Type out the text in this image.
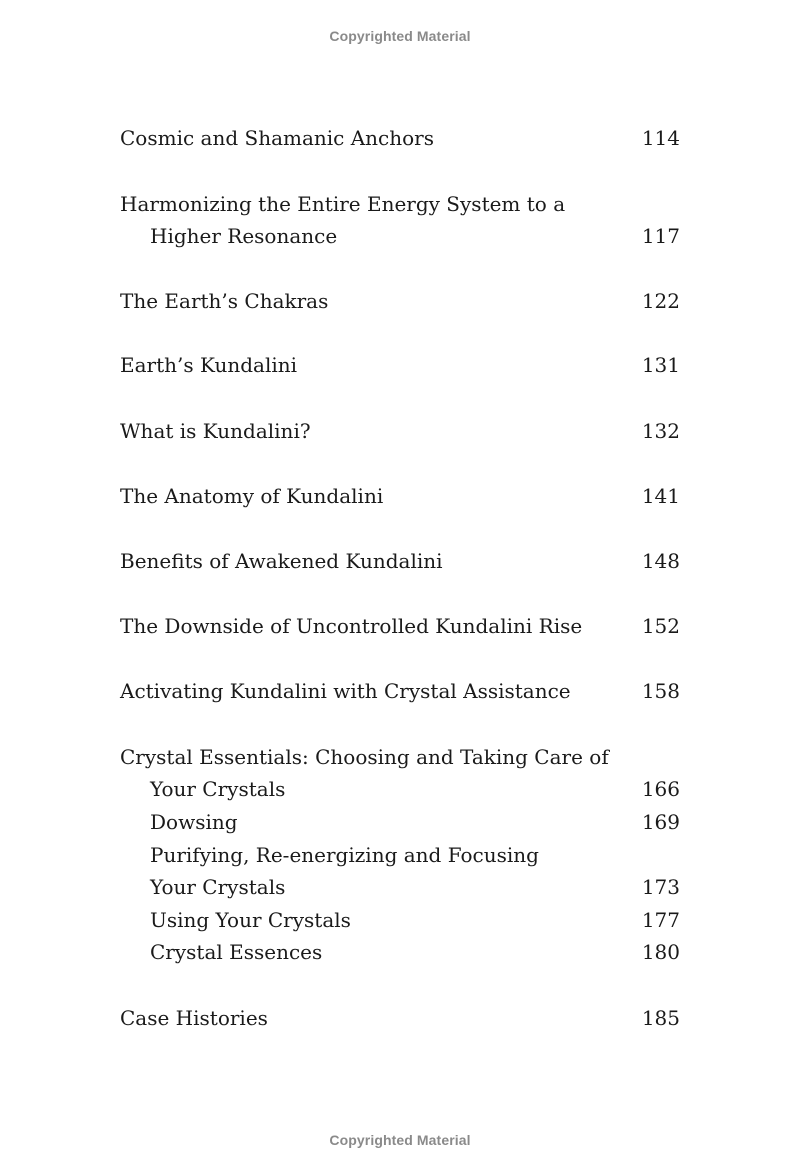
Copyrighted Material
Cosmic and Shamanic Anchors	114
Harmonizing the Entire Energy System to a
Higher Resonance	117
The Earth’s Chakras	122
Earth’s Kundalini	131
What is Kundalini?	132
The Anatomy of Kundalini	141
Benefits of Awakened Kundalini	148
The Downside of Uncontrolled Kundalini Rise	152
Activating Kundalini with Crystal Assistance	158
Crystal Essentials: Choosing and Taking Care of
Your Crystals	166
Dowsing	169
Purifying, Re-energizing and Focusing
Your Crystals	173
Using Your Crystals	177
Crystal Essences	180
Case Histories	185
Copyrighted Material
